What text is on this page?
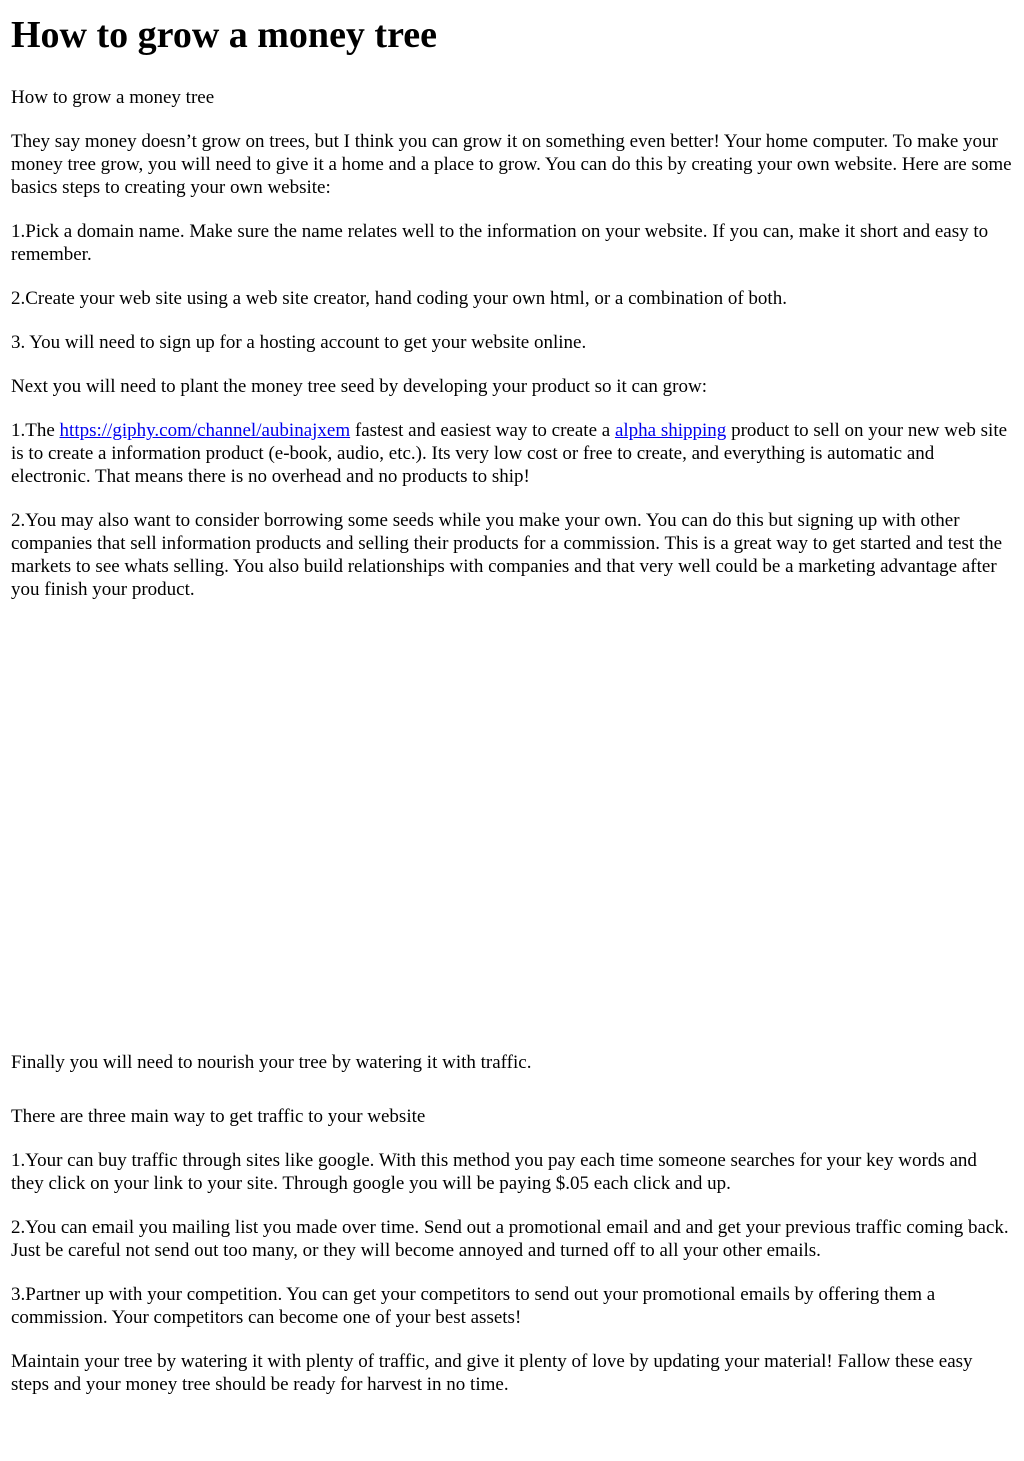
How to grow a money tree

How to grow a money tree

They say money doesn’t grow on trees, but I think you can grow it on something even better! Your home computer. To make your money tree grow, you will need to give it a home and a place to grow. You can do this by creating your own website. Here are some basics steps to creating your own website:

1.Pick a domain name. Make sure the name relates well to the information on your website. If you can, make it short and easy to remember.

2.Create your web site using a web site creator, hand coding your own html, or a combination of both.

3. You will need to sign up for a hosting account to get your website online.

Next you will need to plant the money tree seed by developing your product so it can grow:

1.The https://giphy.com/channel/aubinajxem fastest and easiest way to create a alpha shipping product to sell on your new web site is to create a information product (e-book, audio, etc.). Its very low cost or free to create, and everything is automatic and electronic. That means there is no overhead and no products to ship!

2.You may also want to consider borrowing some seeds while you make your own. You can do this but signing up with other companies that sell information products and selling their products for a commission. This is a great way to get started and test the markets to see whats selling. You also build relationships with companies and that very well could be a marketing advantage after you finish your product.

Finally you will need to nourish your tree by watering it with traffic.

There are three main way to get traffic to your website

1.Your can buy traffic through sites like google. With this method you pay each time someone searches for your key words and they click on your link to your site. Through google you will be paying $.05 each click and up.

2.You can email you mailing list you made over time. Send out a promotional email and and get your previous traffic coming back. Just be careful not send out too many, or they will become annoyed and turned off to all your other emails.

3.Partner up with your competition. You can get your competitors to send out your promotional emails by offering them a commission. Your competitors can become one of your best assets!

Maintain your tree by watering it with plenty of traffic, and give it plenty of love by updating your material! Fallow these easy steps and your money tree should be ready for harvest in no time.
